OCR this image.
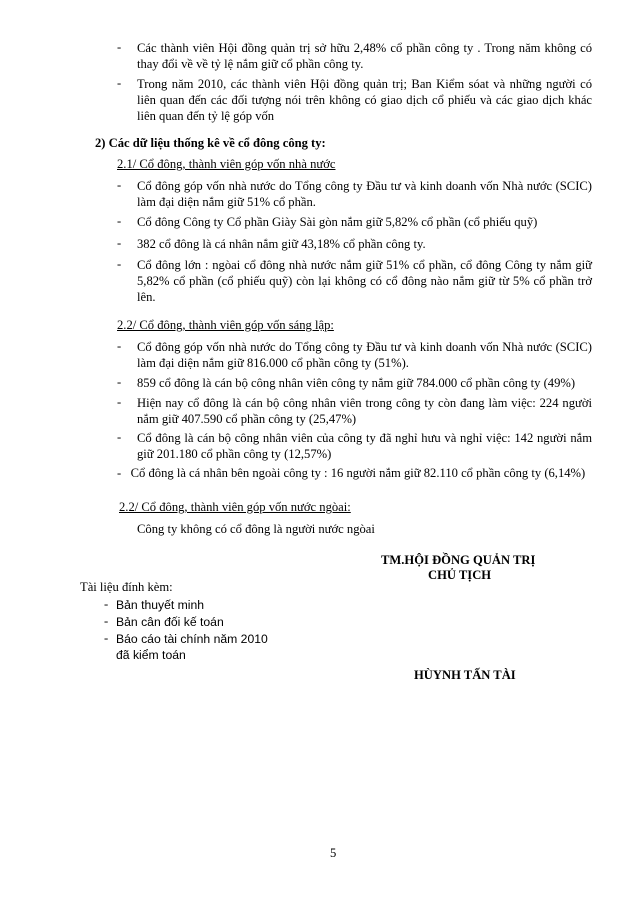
- Các thành viên Hội đồng quản trị sở hữu 2,48% cổ phần công ty . Trong năm không có thay đổi về về tỷ lệ nắm giữ cổ phần công ty.
- Trong năm 2010, các thành viên Hội đồng quản trị; Ban Kiểm sóat và những người có liên quan đến các đối tượng nói trên không có giao dịch cổ phiếu và các giao dịch khác liên quan đến tỷ lệ góp vốn
2) Các dữ liệu thống kê về cổ đông công ty:
2.1/ Cổ đông, thành viên góp vốn nhà nước
- Cổ đông góp vốn nhà nước do Tổng công ty Đầu tư và kinh doanh vốn Nhà nước (SCIC) làm đại diện nắm giữ 51% cổ phần.
- Cổ đông Công ty Cổ phần Giày Sài gòn nắm giữ 5,82% cổ phần (cổ phiếu quỹ)
- 382 cổ đông là cá nhân nắm giữ 43,18% cổ phần công ty.
- Cổ đông lớn : ngòai cổ đông nhà nước nắm giữ 51% cổ phần, cổ đông Công ty nắm giữ 5,82% cổ phần (cổ phiếu quỹ) còn lại không có cổ đông nào nắm giữ từ 5% cổ phần trở lên.
2.2/ Cổ đông, thành viên góp vốn sáng lập:
- Cổ đông góp vốn nhà nước do Tổng công ty Đầu tư và kinh doanh vốn Nhà nước (SCIC) làm đại diện nắm giữ 816.000 cổ phần công ty (51%).
- 859 cổ đông là cán bộ công nhân viên công ty nắm giữ 784.000 cổ phần công ty (49%)
- Hiện nay cổ đông là cán bộ công nhân viên trong công ty còn đang làm việc: 224 người nắm giữ 407.590 cổ phần công ty (25,47%)
- Cổ đông là cán bộ công nhân viên của công ty đã nghỉ hưu và nghỉ việc: 142 người nắm giữ 201.180 cổ phần công ty (12,57%)
-   Cổ đông là cá nhân bên ngoài công ty : 16 người nắm giữ 82.110 cổ phần công ty (6,14%)
2.2/ Cổ đông, thành viên góp vốn nước ngòai:
Công ty không có cổ đông là người nước ngòai
TM.HỘI ĐỒNG QUẢN TRỊ
CHỦ TỊCH
Tài liệu đính kèm:
- Bản thuyết minh
- Bản cân đối kế toán
- Báo cáo tài chính năm 2010
đã kiểm toán
HÙYNH TẤN TÀI
5
